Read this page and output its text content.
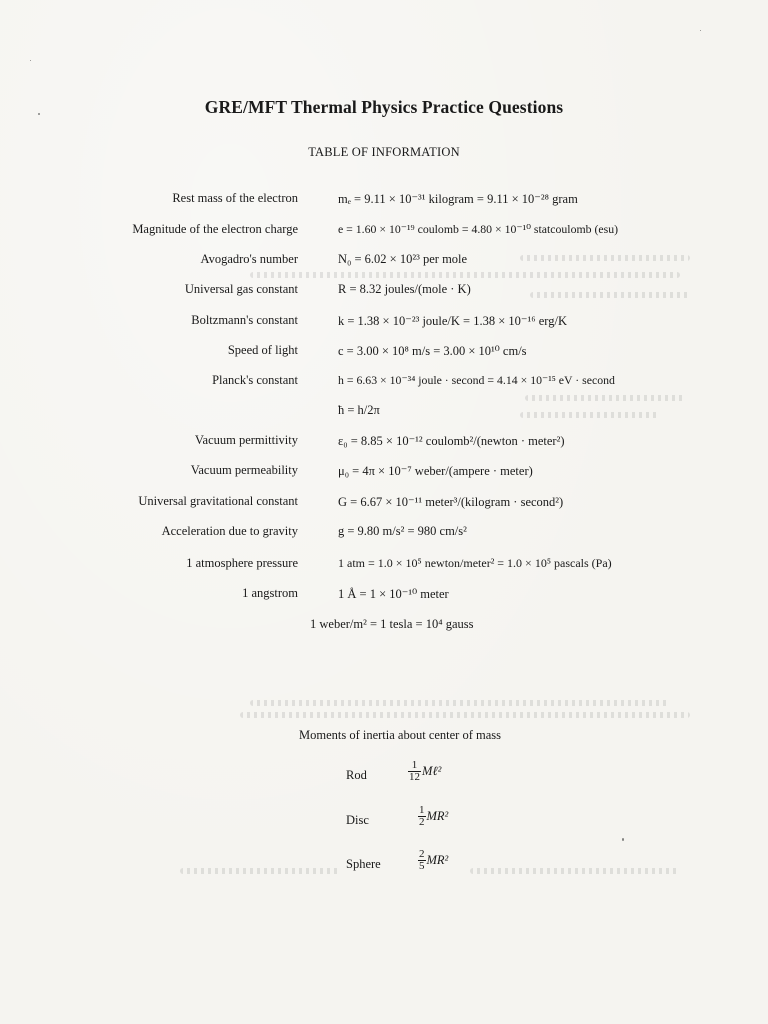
GRE/MFT Thermal Physics Practice Questions
TABLE OF INFORMATION
Rest mass of the electron	mₑ = 9.11 × 10⁻³¹ kilogram = 9.11 × 10⁻²⁸ gram
Magnitude of the electron charge	e = 1.60 × 10⁻¹⁹ coulomb = 4.80 × 10⁻¹⁰ statcoulomb (esu)
Avogadro's number	N₀ = 6.02 × 10²³ per mole
Universal gas constant	R = 8.32 joules/(mole · K)
Boltzmann's constant	k = 1.38 × 10⁻²³ joule/K = 1.38 × 10⁻¹⁶ erg/K
Speed of light	c = 3.00 × 10⁸ m/s = 3.00 × 10¹⁰ cm/s
Planck's constant	h = 6.63 × 10⁻³⁴ joule · second = 4.14 × 10⁻¹⁵ eV · second
ħ = h/2π
Vacuum permittivity	ε₀ = 8.85 × 10⁻¹² coulomb²/(newton · meter²)
Vacuum permeability	μ₀ = 4π × 10⁻⁷ weber/(ampere · meter)
Universal gravitational constant	G = 6.67 × 10⁻¹¹ meter³/(kilogram · second²)
Acceleration due to gravity	g = 9.80 m/s² = 980 cm/s²
1 atmosphere pressure	1 atm = 1.0 × 10⁵ newton/meter² = 1.0 × 10⁵ pascals (Pa)
1 angstrom	1 Å = 1 × 10⁻¹⁰ meter
1 weber/m² = 1 tesla = 10⁴ gauss
Moments of inertia about center of mass
Rod	$\frac{1}{12}$ Mℓ²
Disc	$\frac{1}{2} MR^2$
Sphere	$\frac{2}{5} MR^2$
